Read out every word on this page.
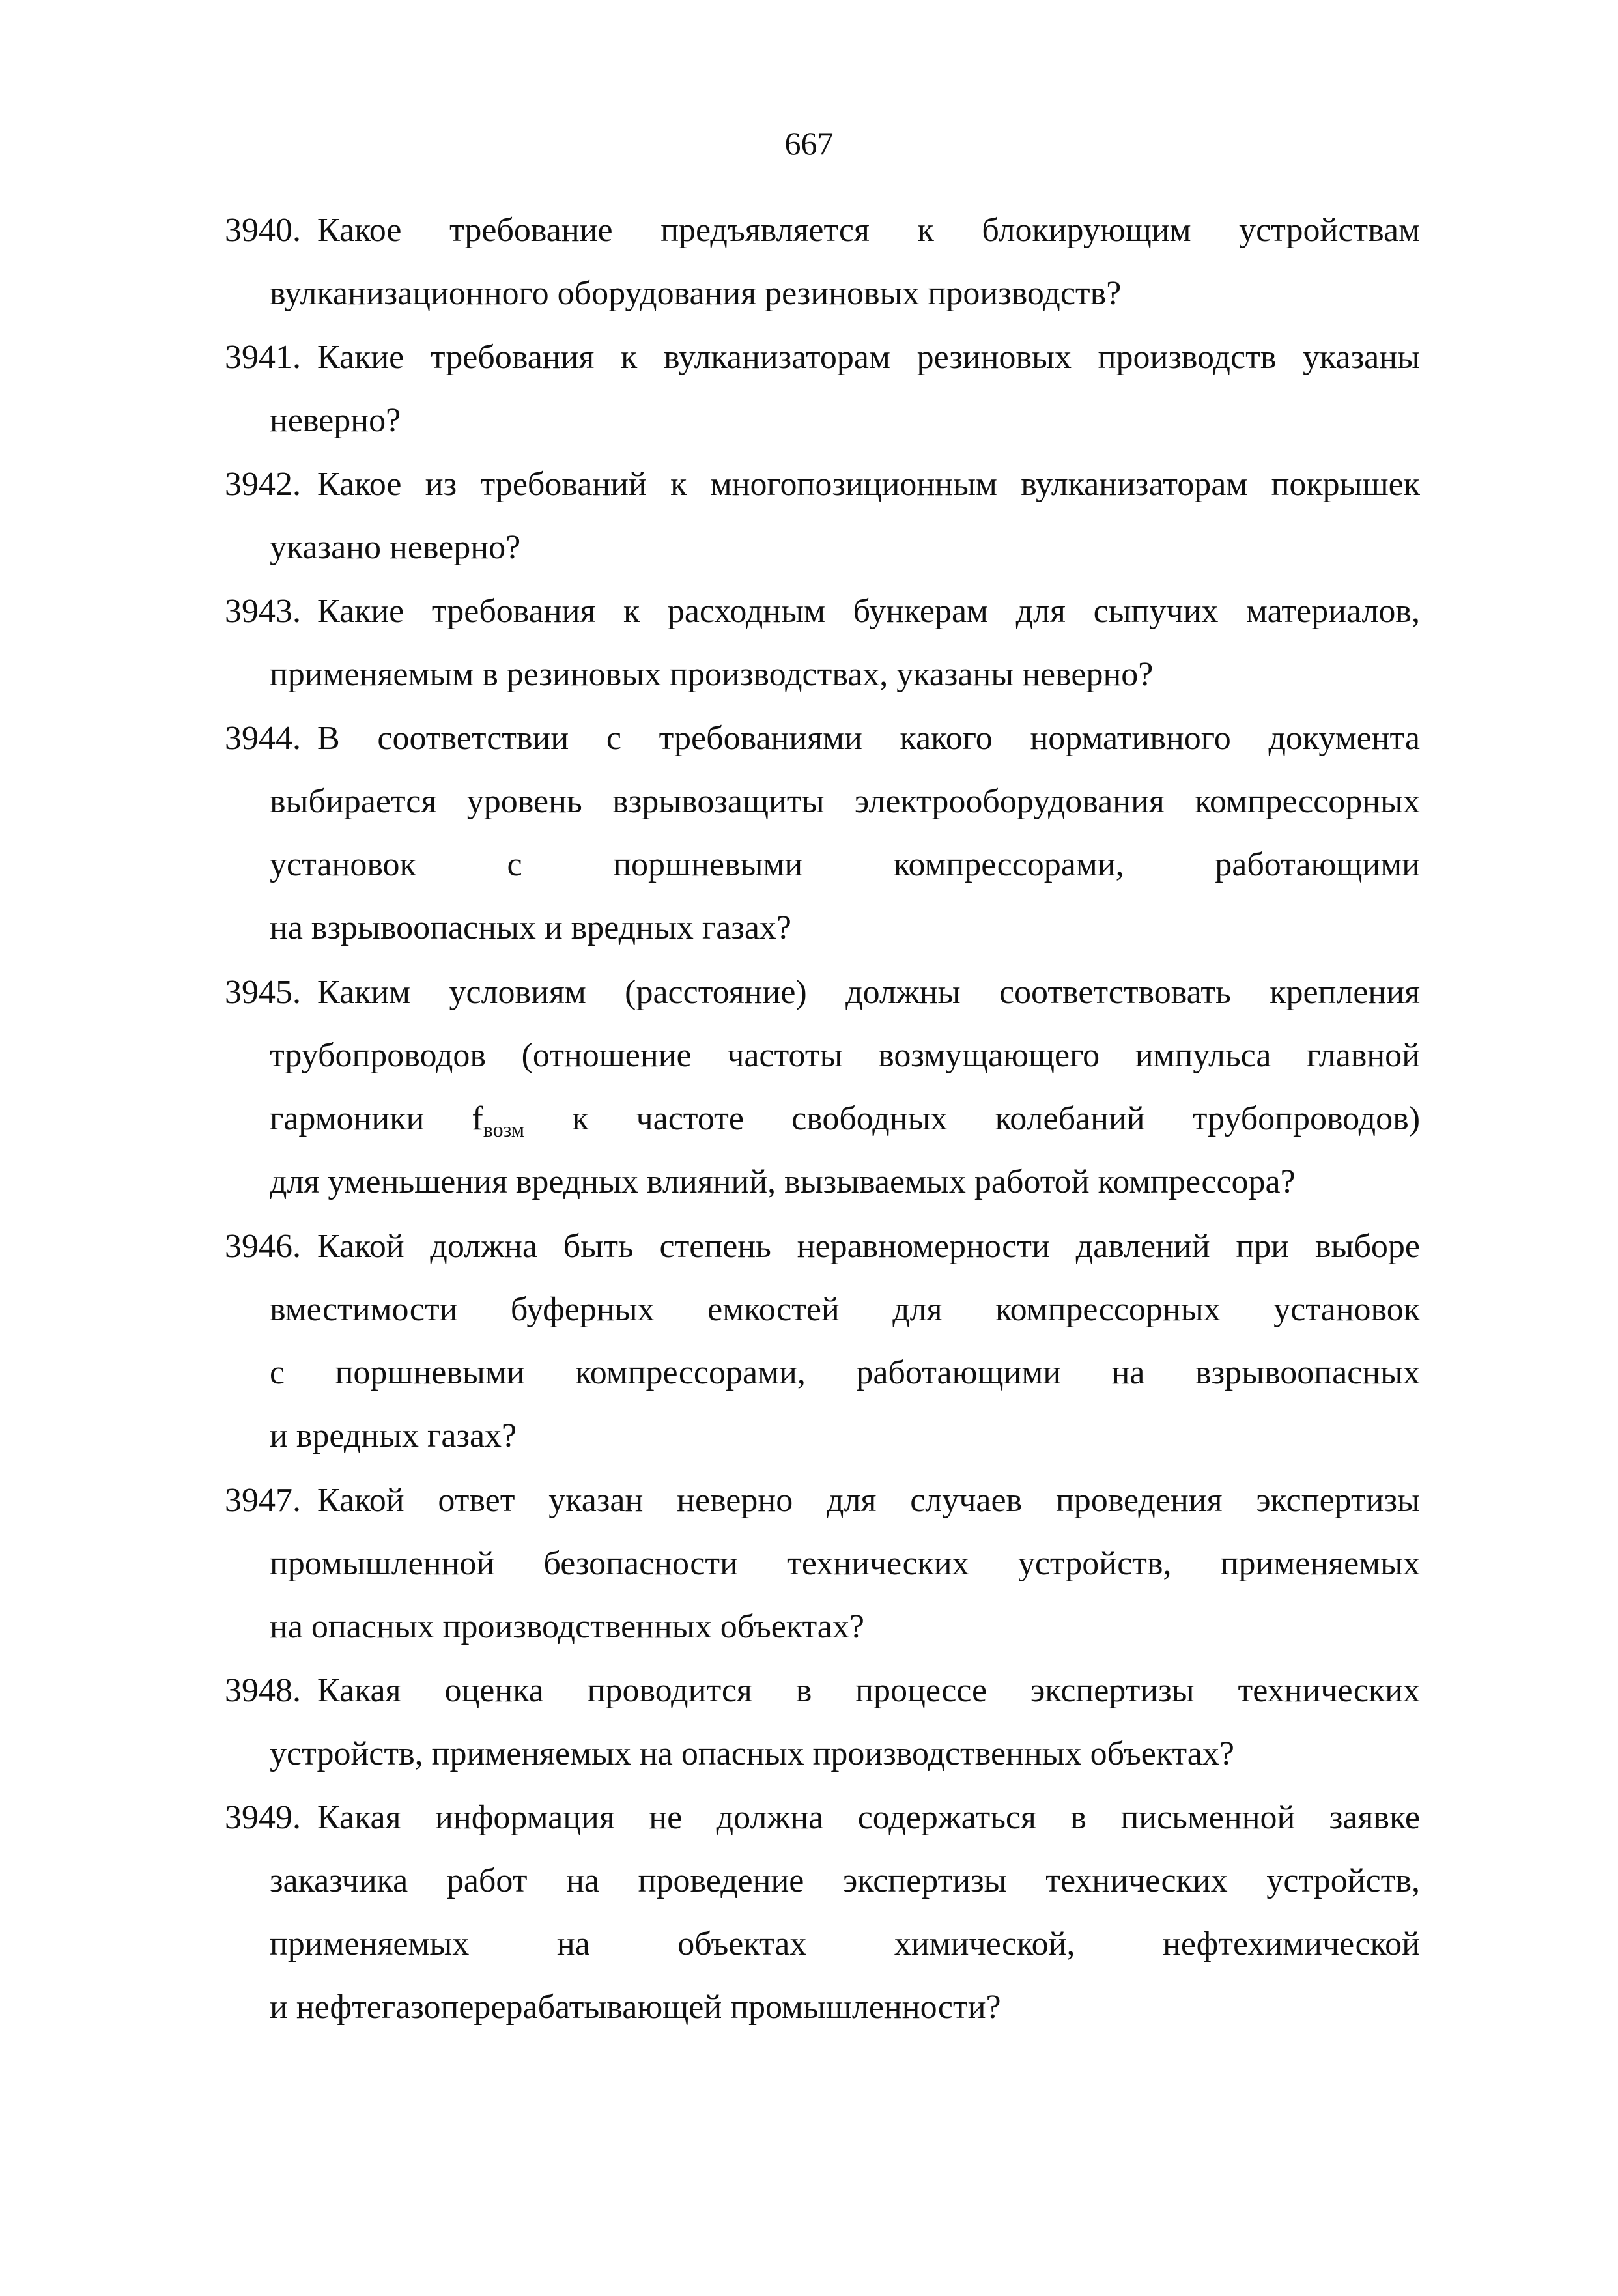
667
3940. Какое требование предъявляется к блокирующим устройствам
вулканизационного оборудования резиновых производств?
3941. Какие требования к вулканизаторам резиновых производств указаны
неверно?
3942. Какое из требований к многопозиционным вулканизаторам покрышек
указано неверно?
3943. Какие требования к расходным бункерам для сыпучих материалов,
применяемым в резиновых производствах, указаны неверно?
3944. В соответствии с требованиями какого нормативного документа
выбирается уровень взрывозащиты электрооборудования компрессорных
установок с поршневыми компрессорами, работающими
на взрывоопасных и вредных газах?
3945. Каким условиям (расстояние) должны соответствовать крепления
трубопроводов (отношение частоты возмущающего импульса главной
гармоники $f_{возм}$ к частоте свободных колебаний трубопроводов)
для уменьшения вредных влияний, вызываемых работой компрессора?
3946. Какой должна быть степень неравномерности давлений при выборе
вместимости буферных емкостей для компрессорных установок
с поршневыми компрессорами, работающими на взрывоопасных
и вредных газах?
3947. Какой ответ указан неверно для случаев проведения экспертизы
промышленной безопасности технических устройств, применяемых
на опасных производственных объектах?
3948. Какая оценка проводится в процессе экспертизы технических
устройств, применяемых на опасных производственных объектах?
3949. Какая информация не должна содержаться в письменной заявке
заказчика работ на проведение экспертизы технических устройств,
применяемых на объектах химической, нефтехимической
и нефтегазоперерабатывающей промышленности?
